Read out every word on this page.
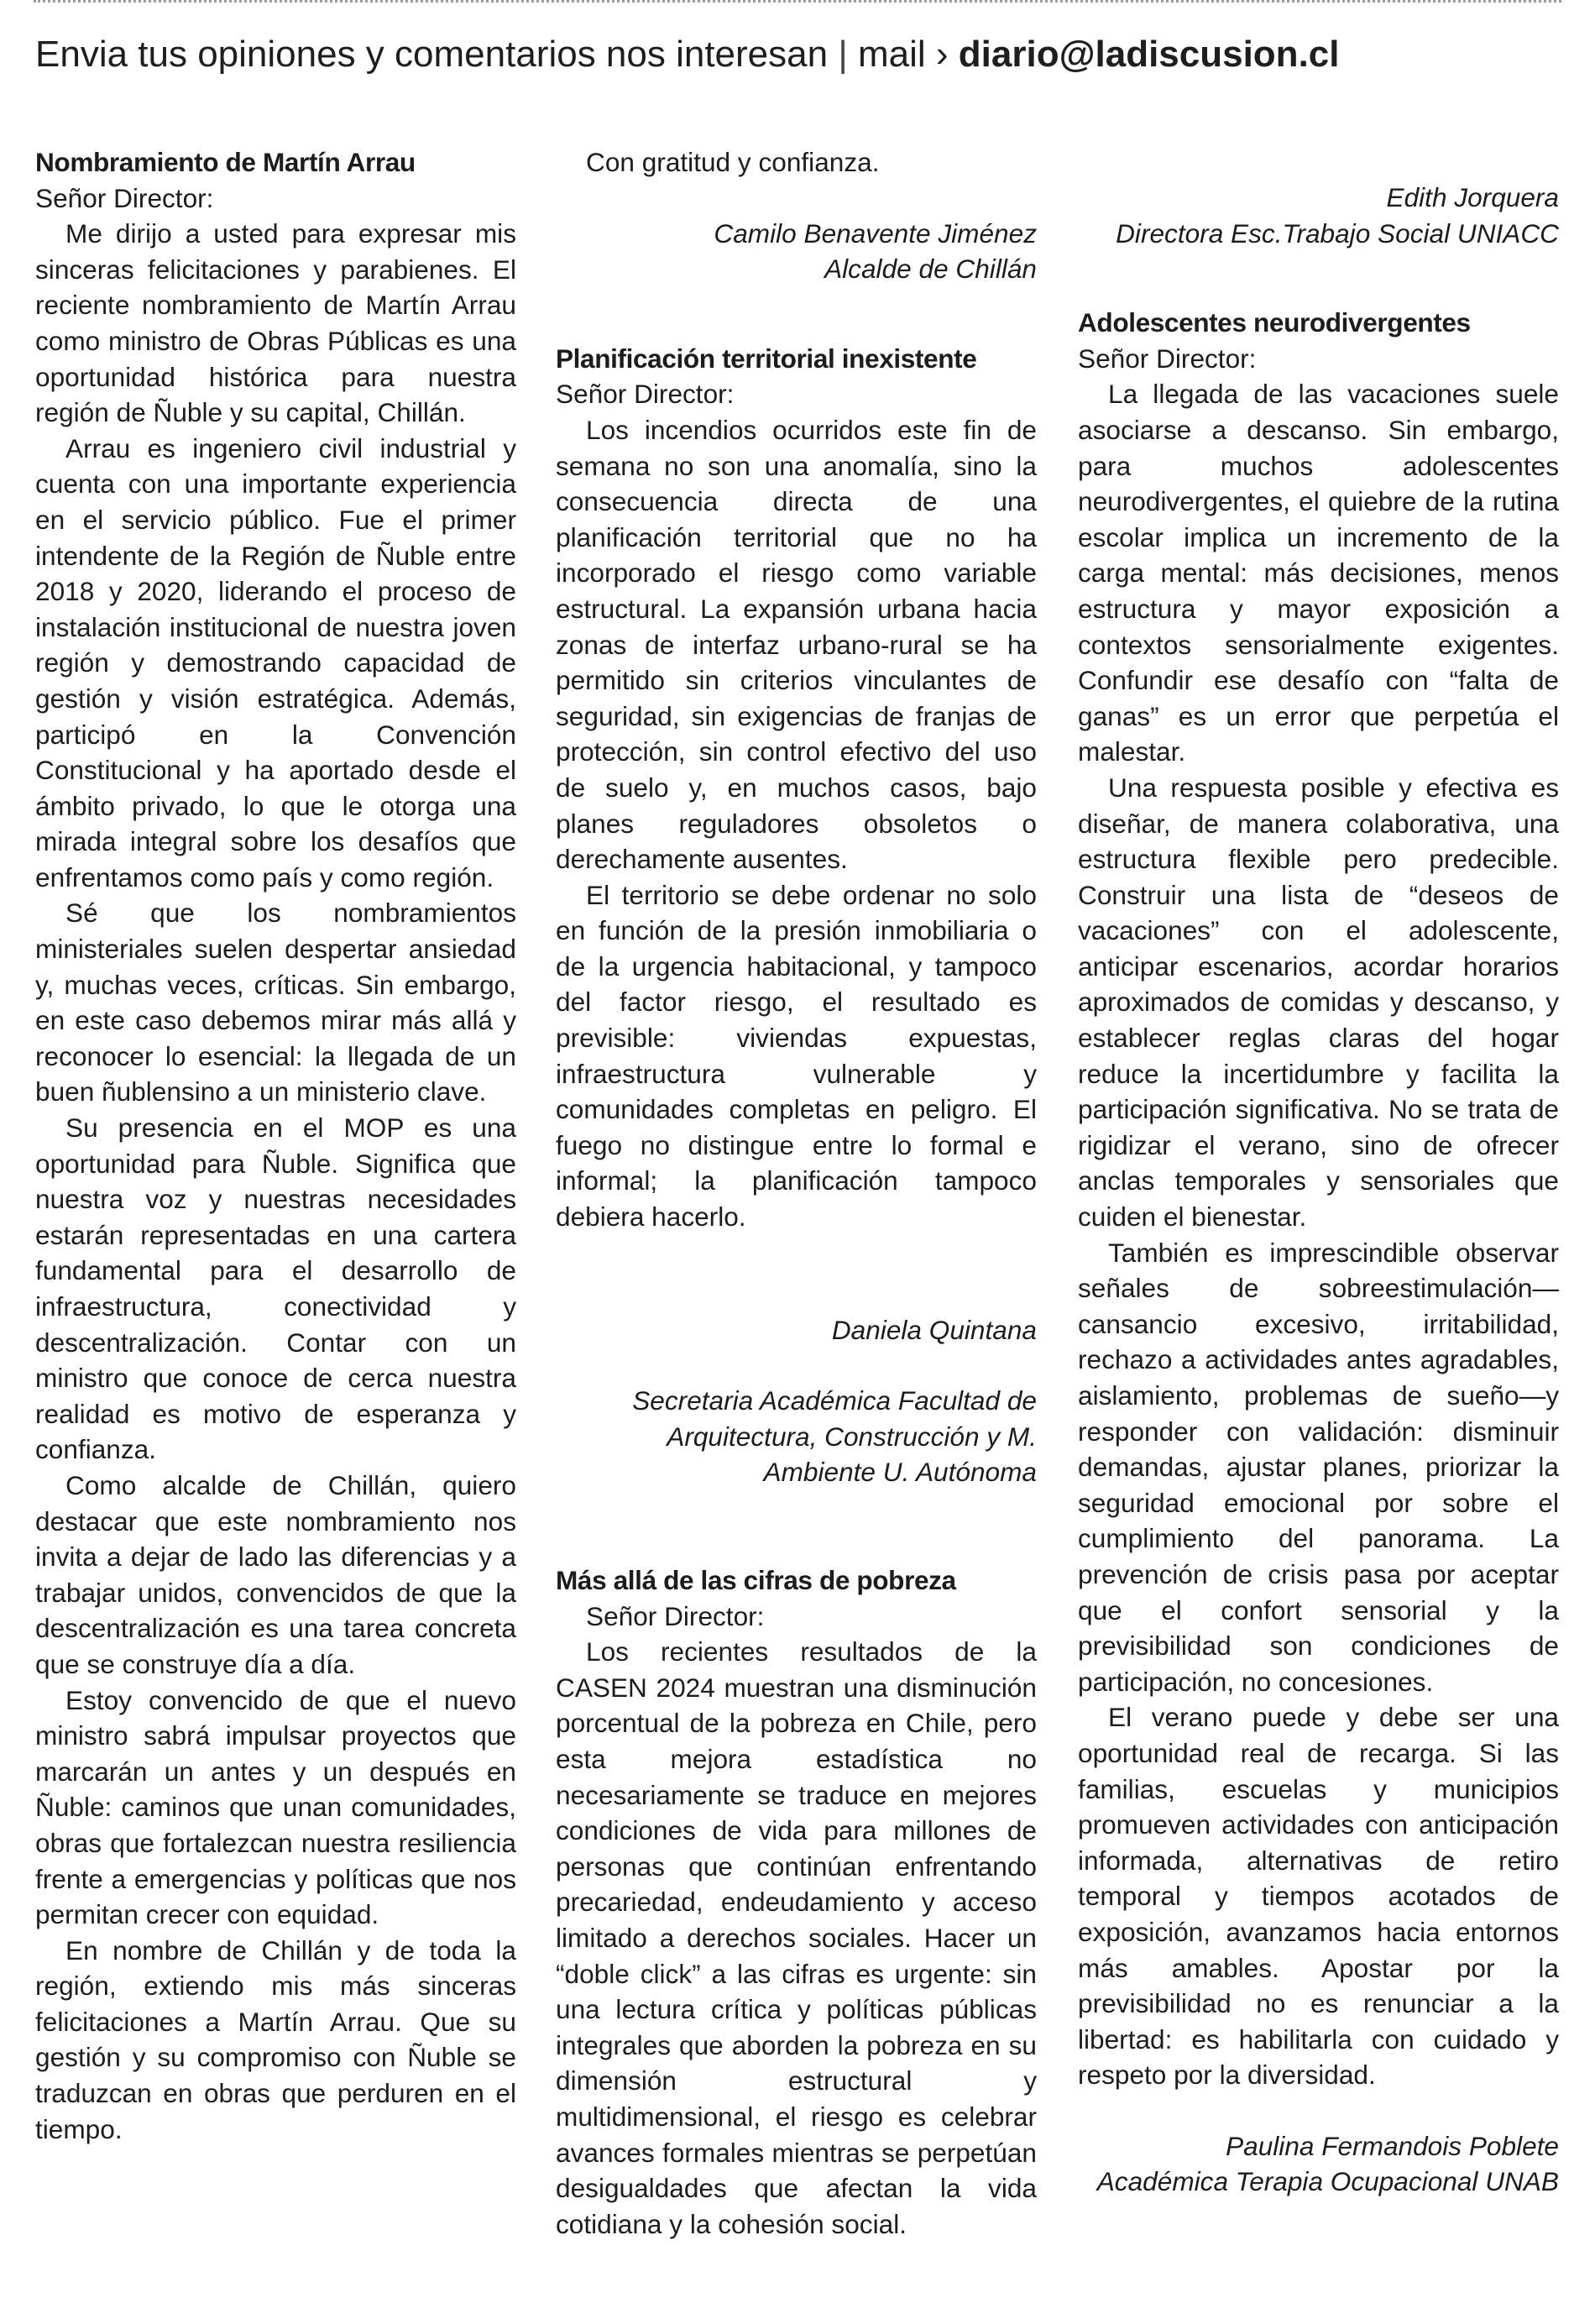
Envia tus opiniones y comentarios nos interesan | mail › diario@ladiscusion.cl

Nombramiento de Martín Arrau

Señor Director:

Me dirijo a usted para expresar mis sinceras felicitaciones y parabienes. El reciente nombramiento de Martín Arrau como ministro de Obras Públicas es una oportunidad histórica para nuestra región de Ñuble y su capital, Chillán.

Arrau es ingeniero civil industrial y cuenta con una importante experiencia en el servicio público. Fue el primer intendente de la Región de Ñuble entre 2018 y 2020, liderando el proceso de instalación institucional de nuestra joven región y demostrando capacidad de gestión y visión estratégica. Además, participó en la Convención Constitucional y ha aportado desde el ámbito privado, lo que le otorga una mirada integral sobre los desafíos que enfrentamos como país y como región.

Sé que los nombramientos ministeriales suelen despertar ansiedad y, muchas veces, críticas. Sin embargo, en este caso debemos mirar más allá y reconocer lo esencial: la llegada de un buen ñublensino a un ministerio clave.

Su presencia en el MOP es una oportunidad para Ñuble. Significa que nuestra voz y nuestras necesidades estarán representadas en una cartera fundamental para el desarrollo de infraestructura, conectividad y descentralización. Contar con un ministro que conoce de cerca nuestra realidad es motivo de esperanza y confianza.

Como alcalde de Chillán, quiero destacar que este nombramiento nos invita a dejar de lado las diferencias y a trabajar unidos, convencidos de que la descentralización es una tarea concreta que se construye día a día.

Estoy convencido de que el nuevo ministro sabrá impulsar proyectos que marcarán un antes y un después en Ñuble: caminos que unan comunidades, obras que fortalezcan nuestra resiliencia frente a emergencias y políticas que nos permitan crecer con equidad.

En nombre de Chillán y de toda la región, extiendo mis más sinceras felicitaciones a Martín Arrau. Que su gestión y su compromiso con Ñuble se traduzcan en obras que perduren en el tiempo.

Con gratitud y confianza.

Camilo Benavente Jiménez

Alcalde de Chillán

Planificación territorial inexistente

Señor Director:

Los incendios ocurridos este fin de semana no son una anomalía, sino la consecuencia directa de una planificación territorial que no ha incorporado el riesgo como variable estructural. La expansión urbana hacia zonas de interfaz urbano-rural se ha permitido sin criterios vinculantes de seguridad, sin exigencias de franjas de protección, sin control efectivo del uso de suelo y, en muchos casos, bajo planes reguladores obsoletos o derechamente ausentes.

El territorio se debe ordenar no solo en función de la presión inmobiliaria o de la urgencia habitacional, y tampoco del factor riesgo, el resultado es previsible: viviendas expuestas, infraestructura vulnerable y comunidades completas en peligro. El fuego no distingue entre lo formal e informal; la planificación tampoco debiera hacerlo.

Daniela Quintana

Secretaria Académica Facultad de Arquitectura, Construcción y M. Ambiente U. Autónoma

Más allá de las cifras de pobreza

Señor Director:

Los recientes resultados de la CASEN 2024 muestran una disminución porcentual de la pobreza en Chile, pero esta mejora estadística no necesariamente se traduce en mejores condiciones de vida para millones de personas que continúan enfrentando precariedad, endeudamiento y acceso limitado a derechos sociales. Hacer un “doble click” a las cifras es urgente: sin una lectura crítica y políticas públicas integrales que aborden la pobreza en su dimensión estructural y multidimensional, el riesgo es celebrar avances formales mientras se perpetúan desigualdades que afectan la vida cotidiana y la cohesión social.

Edith Jorquera

Directora Esc.Trabajo Social UNIACC

Adolescentes neurodivergentes

Señor Director:

La llegada de las vacaciones suele asociarse a descanso. Sin embargo, para muchos adolescentes neurodivergentes, el quiebre de la rutina escolar implica un incremento de la carga mental: más decisiones, menos estructura y mayor exposición a contextos sensorialmente exigentes. Confundir ese desafío con “falta de ganas” es un error que perpetúa el malestar.

Una respuesta posible y efectiva es diseñar, de manera colaborativa, una estructura flexible pero predecible. Construir una lista de “deseos de vacaciones” con el adolescente, anticipar escenarios, acordar horarios aproximados de comidas y descanso, y establecer reglas claras del hogar reduce la incertidumbre y facilita la participación significativa. No se trata de rigidizar el verano, sino de ofrecer anclas temporales y sensoriales que cuiden el bienestar.

También es imprescindible observar señales de sobreestimulación—cansancio excesivo, irritabilidad, rechazo a actividades antes agradables, aislamiento, problemas de sueño—y responder con validación: disminuir demandas, ajustar planes, priorizar la seguridad emocional por sobre el cumplimiento del panorama. La prevención de crisis pasa por aceptar que el confort sensorial y la previsibilidad son condiciones de participación, no concesiones.

El verano puede y debe ser una oportunidad real de recarga. Si las familias, escuelas y municipios promueven actividades con anticipación informada, alternativas de retiro temporal y tiempos acotados de exposición, avanzamos hacia entornos más amables. Apostar por la previsibilidad no es renunciar a la libertad: es habilitarla con cuidado y respeto por la diversidad.

Paulina Fermandois Poblete

Académica Terapia Ocupacional UNAB
